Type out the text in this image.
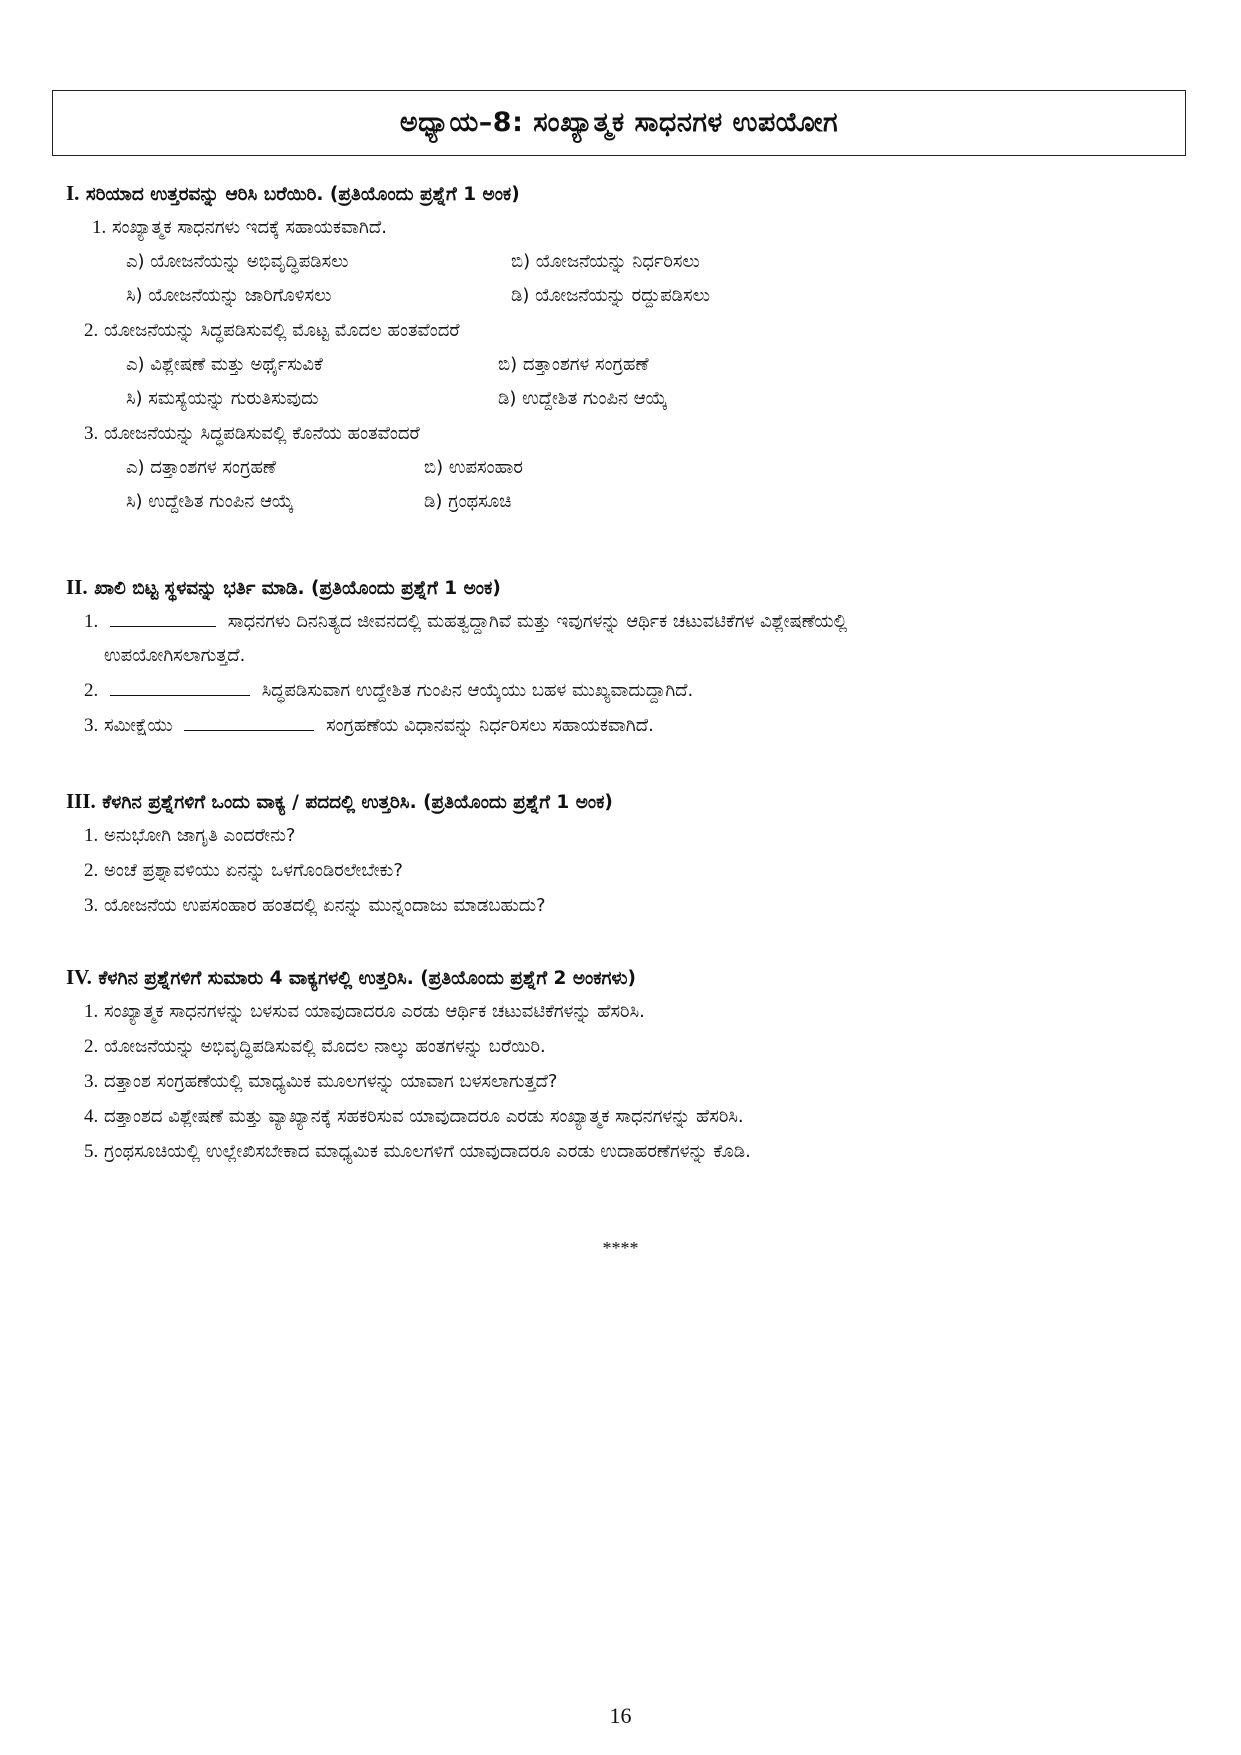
ಅಧ್ಯಾಯ–8: ಸಂಖ್ಯಾತ್ಮಕ ಸಾಧನಗಳ ಉಪಯೋಗ
I. ಸರಿಯಾದ ಉತ್ತರವನ್ನು ಆರಿಸಿ ಬರೆಯಿರಿ. (ಪ್ರತಿಯೊಂದು ಪ್ರಶ್ನೆಗೆ 1 ಅಂಕ)
1. ಸಂಖ್ಯಾತ್ಮಕ ಸಾಧನಗಳು ಇದಕ್ಕೆ ಸಹಾಯಕವಾಗಿದೆ.
ಎ) ಯೋಜನೆಯನ್ನು ಅಭಿವೃದ್ಧಿಪಡಿಸಲು	ಬಿ) ಯೋಜನೆಯನ್ನು ನಿರ್ಧರಿಸಲು
ಸಿ) ಯೋಜನೆಯನ್ನು ಜಾರಿಗೊಳಿಸಲು	ಡಿ) ಯೋಜನೆಯನ್ನು ರದ್ದುಪಡಿಸಲು
2. ಯೋಜನೆಯನ್ನು ಸಿದ್ಧಪಡಿಸುವಲ್ಲಿ ಮೊಟ್ಟ ಮೊದಲ ಹಂತವೆಂದರೆ
ಎ) ವಿಶ್ಲೇಷಣೆ ಮತ್ತು ಅರ್ಥೈಸುವಿಕೆ	ಬಿ) ದತ್ತಾಂಶಗಳ ಸಂಗ್ರಹಣೆ
ಸಿ) ಸಮಸ್ಯೆಯನ್ನು ಗುರುತಿಸುವುದು	ಡಿ) ಉದ್ದೇಶಿತ ಗುಂಪಿನ ಆಯ್ಕೆ
3. ಯೋಜನೆಯನ್ನು ಸಿದ್ಧಪಡಿಸುವಲ್ಲಿ ಕೊನೆಯ ಹಂತವೆಂದರೆ
ಎ) ದತ್ತಾಂಶಗಳ ಸಂಗ್ರಹಣೆ	ಬಿ) ಉಪಸಂಹಾರ
ಸಿ) ಉದ್ದೇಶಿತ ಗುಂಪಿನ ಆಯ್ಕೆ	ಡಿ) ಗ್ರಂಥಸೂಚಿ
II. ಖಾಲಿ ಬಿಟ್ಟ ಸ್ಥಳವನ್ನು ಭರ್ತಿ ಮಾಡಿ. (ಪ್ರತಿಯೊಂದು ಪ್ರಶ್ನೆಗೆ 1 ಅಂಕ)
1.	ಸಾಧನಗಳು ದಿನನಿತ್ಯದ ಜೀವನದಲ್ಲಿ ಮಹತ್ವದ್ದಾಗಿವೆ ಮತ್ತು ಇವುಗಳನ್ನು ಆರ್ಥಿಕ ಚಟುವಟಿಕೆಗಳ ವಿಶ್ಲೇಷಣೆಯಲ್ಲಿ
ಉಪಯೋಗಿಸಲಾಗುತ್ತದೆ.
2.	ಸಿದ್ಧಪಡಿಸುವಾಗ ಉದ್ದೇಶಿತ ಗುಂಪಿನ ಆಯ್ಕೆಯು ಬಹಳ ಮುಖ್ಯವಾದುದ್ದಾಗಿದೆ.
3. ಸಮೀಕ್ಷೆಯು	ಸಂಗ್ರಹಣೆಯ ವಿಧಾನವನ್ನು ನಿರ್ಧರಿಸಲು ಸಹಾಯಕವಾಗಿದೆ.
III. ಕೆಳಗಿನ ಪ್ರಶ್ನೆಗಳಿಗೆ ಒಂದು ವಾಕ್ಯ / ಪದದಲ್ಲಿ ಉತ್ತರಿಸಿ. (ಪ್ರತಿಯೊಂದು ಪ್ರಶ್ನೆಗೆ 1 ಅಂಕ)
1. ಅನುಭೋಗಿ ಜಾಗೃತಿ ಎಂದರೇನು?
2. ಅಂಚೆ ಪ್ರಶ್ನಾವಳಿಯು ಏನನ್ನು ಒಳಗೊಂಡಿರಲೇಬೇಕು?
3. ಯೋಜನೆಯ ಉಪಸಂಹಾರ ಹಂತದಲ್ಲಿ ಏನನ್ನು ಮುನ್ನಂದಾಜು ಮಾಡಬಹುದು?
IV. ಕೆಳಗಿನ ಪ್ರಶ್ನೆಗಳಿಗೆ ಸುಮಾರು 4 ವಾಕ್ಯಗಳಲ್ಲಿ ಉತ್ತರಿಸಿ. (ಪ್ರತಿಯೊಂದು ಪ್ರಶ್ನೆಗೆ 2 ಅಂಕಗಳು)
1. ಸಂಖ್ಯಾತ್ಮಕ ಸಾಧನಗಳನ್ನು ಬಳಸುವ ಯಾವುದಾದರೂ ಎರಡು ಆರ್ಥಿಕ ಚಟುವಟಿಕೆಗಳನ್ನು ಹೆಸರಿಸಿ.
2. ಯೋಜನೆಯನ್ನು ಅಭಿವೃದ್ಧಿಪಡಿಸುವಲ್ಲಿ ಮೊದಲ ನಾಲ್ಕು ಹಂತಗಳನ್ನು ಬರೆಯಿರಿ.
3. ದತ್ತಾಂಶ ಸಂಗ್ರಹಣೆಯಲ್ಲಿ ಮಾಧ್ಯಮಿಕ ಮೂಲಗಳನ್ನು ಯಾವಾಗ ಬಳಸಲಾಗುತ್ತದೆ?
4. ದತ್ತಾಂಶದ ವಿಶ್ಲೇಷಣೆ ಮತ್ತು ವ್ಯಾಖ್ಯಾನಕ್ಕೆ ಸಹಕರಿಸುವ ಯಾವುದಾದರೂ ಎರಡು ಸಂಖ್ಯಾತ್ಮಕ ಸಾಧನಗಳನ್ನು ಹೆಸರಿಸಿ.
5. ಗ್ರಂಥಸೂಚಿಯಲ್ಲಿ ಉಲ್ಲೇಖಿಸಬೇಕಾದ ಮಾಧ್ಯಮಿಕ ಮೂಲಗಳಿಗೆ ಯಾವುದಾದರೂ ಎರಡು ಉದಾಹರಣೆಗಳನ್ನು ಕೊಡಿ.
****
16
